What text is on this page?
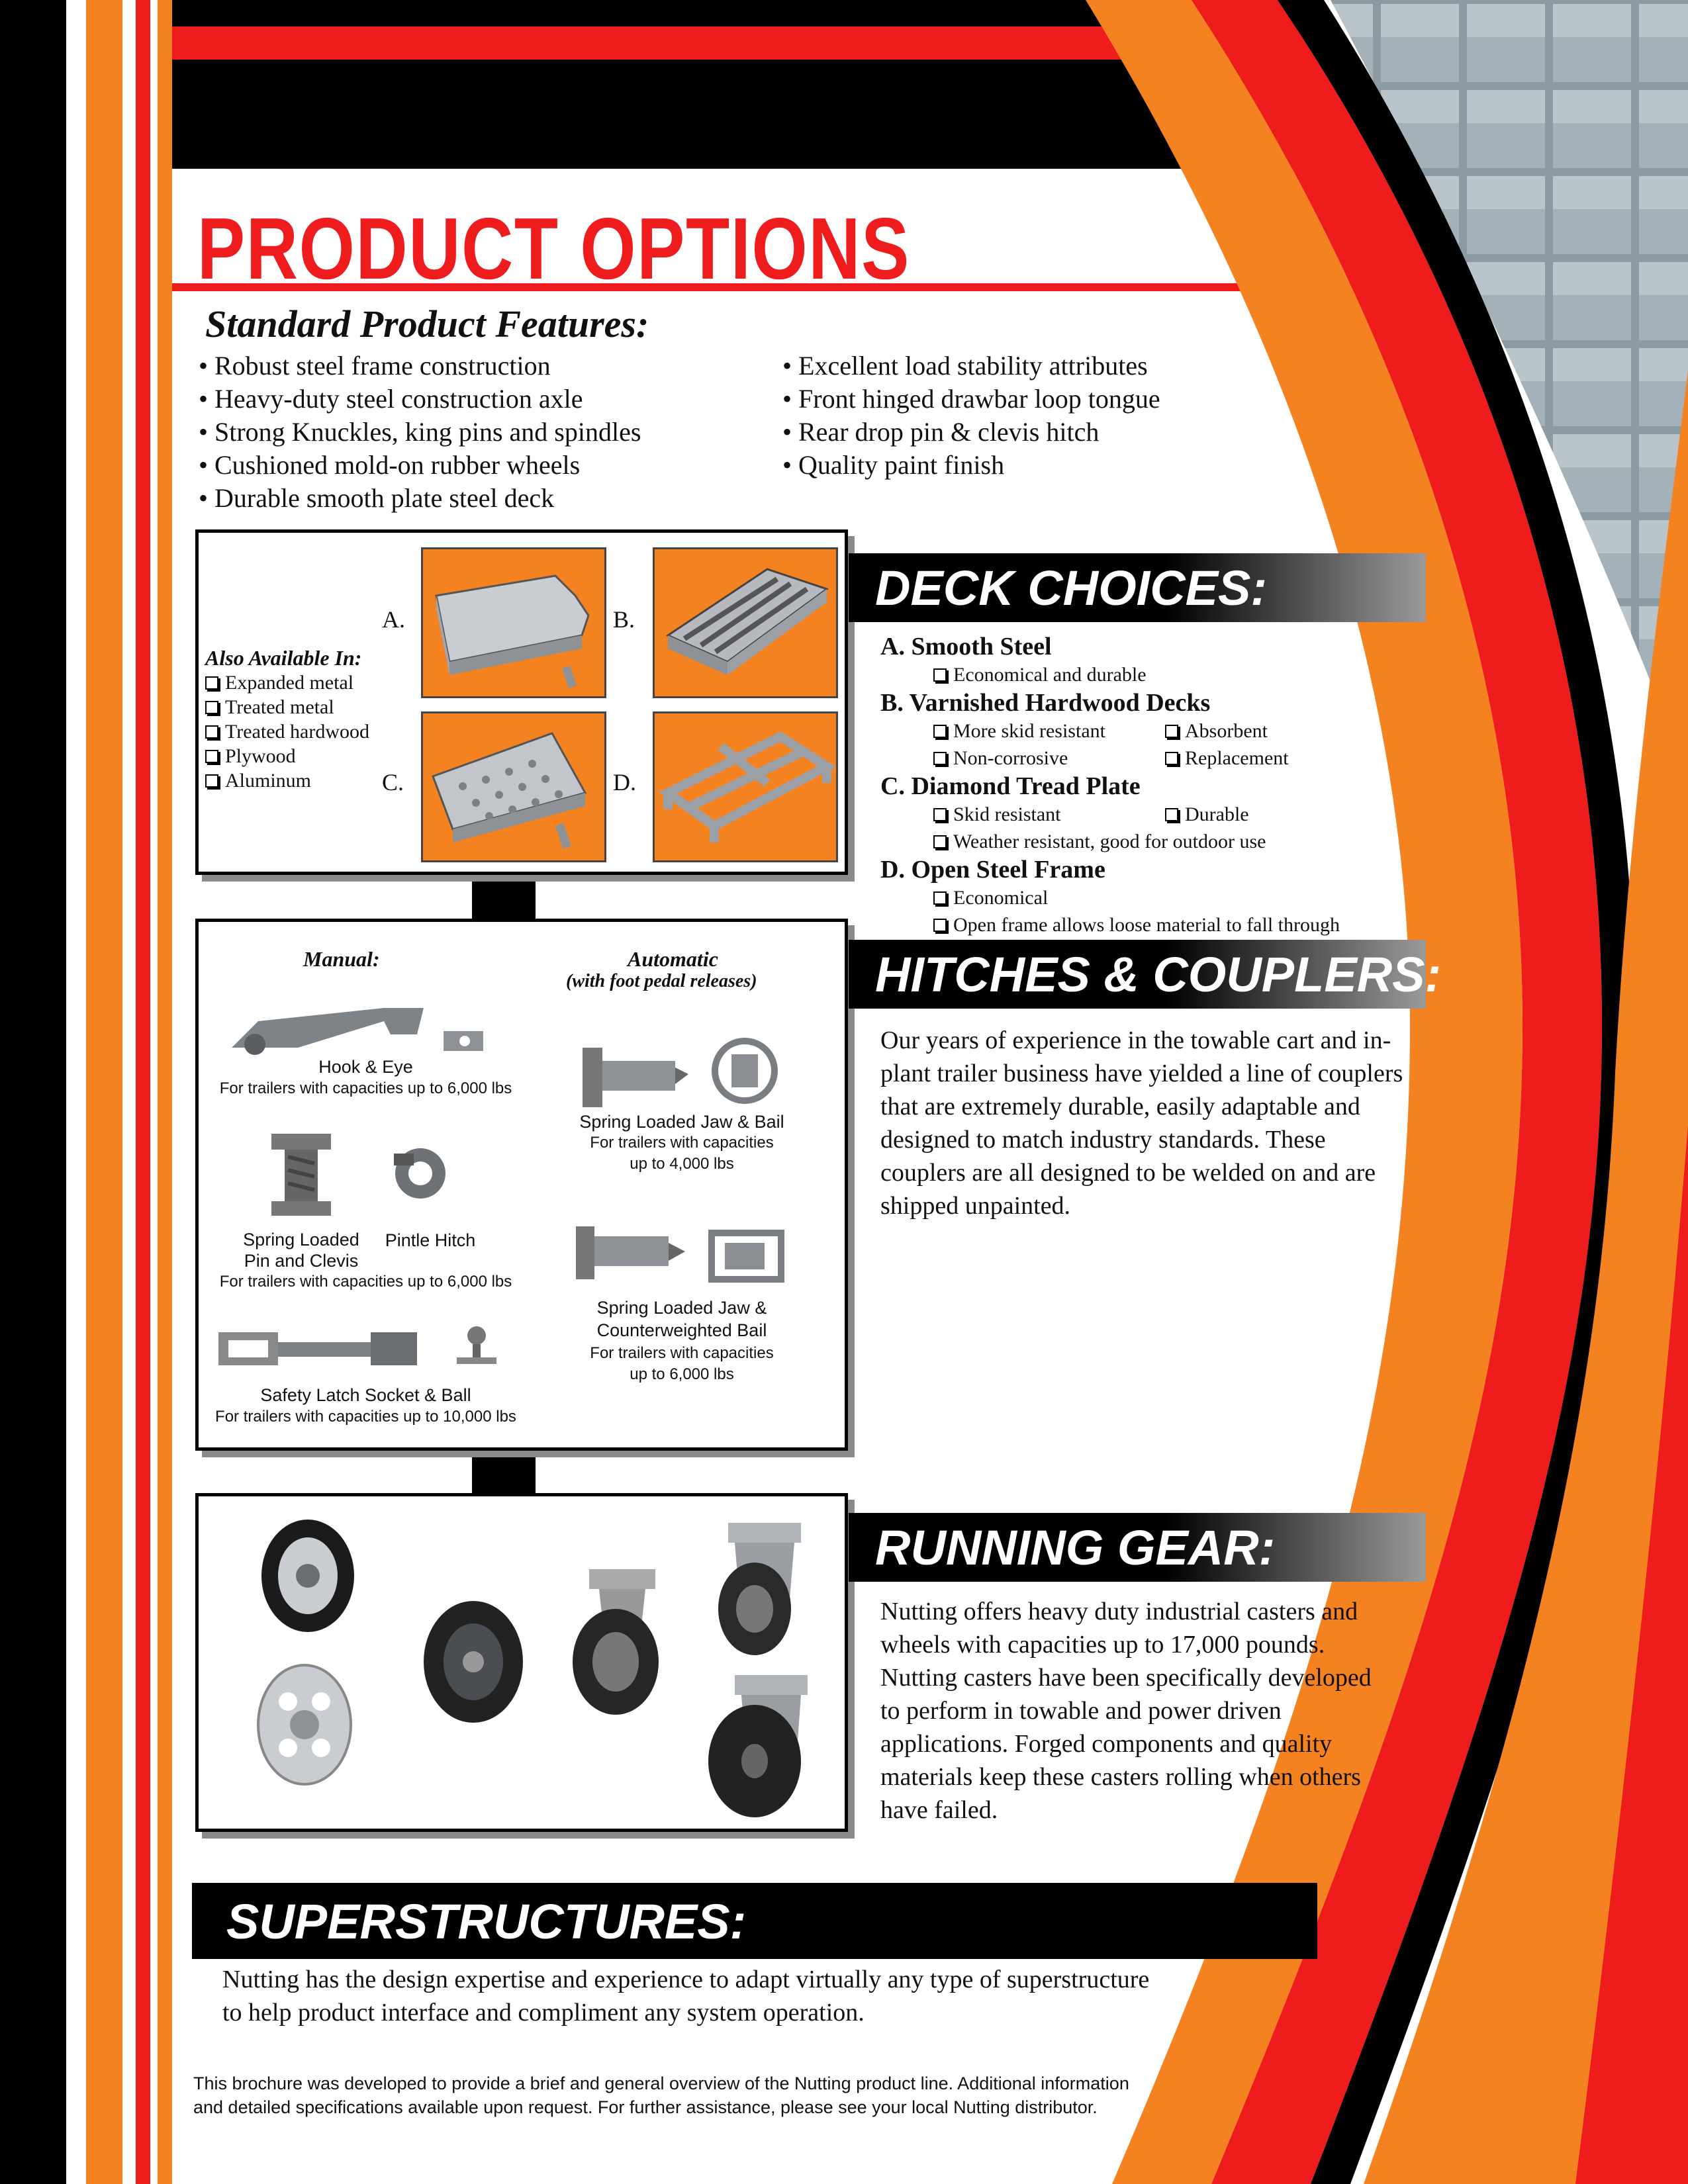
PRODUCT OPTIONS
Standard Product Features:
• Robust steel frame construction
• Heavy-duty steel construction axle
• Strong Knuckles, king pins and spindles
• Cushioned mold-on rubber wheels
• Durable smooth plate steel deck
• Excellent load stability attributes
• Front hinged drawbar loop tongue
• Rear drop pin & clevis hitch
• Quality paint finish
A.	B.
C.	D.
Also Available In:
Expanded metal
Treated metal
Treated hardwood
Plywood
Aluminum
DECK CHOICES:
A. Smooth Steel
Economical and durable
B. Varnished Hardwood Decks
More skid resistant	Absorbent
Non-corrosive	Replacement
C. Diamond Tread Plate
Skid resistant	Durable
Weather resistant, good for outdoor use
D. Open Steel Frame
Economical
Open frame allows loose material to fall through
Manual:	Automatic
(with foot pedal releases)
Hook & Eye
For trailers with capacities up to 6,000 lbs
Spring Loaded
Pin and Clevis
Pintle Hitch
For trailers with capacities up to 6,000 lbs
Safety Latch Socket & Ball
For trailers with capacities up to 10,000 lbs
Spring Loaded Jaw & Bail
For trailers with capacities
up to 4,000 lbs
Spring Loaded Jaw &
Counterweighted Bail
For trailers with capacities
up to 6,000 lbs
HITCHES & COUPLERS:
Our years of experience in the towable cart and in-plant trailer business have yielded a line of couplers that are extremely durable, easily adaptable and designed to match industry standards. These couplers are all designed to be welded on and are shipped unpainted.
RUNNING GEAR:
Nutting offers heavy duty industrial casters and wheels with capacities up to 17,000 pounds. Nutting casters have been specifically developed to perform in towable and power driven applications. Forged components and quality materials keep these casters rolling when others have failed.
SUPERSTRUCTURES:
Nutting has the design expertise and experience to adapt virtually any type of superstructure to help product interface and compliment any system operation.
This brochure was developed to provide a brief and general overview of the Nutting product line. Additional information and detailed specifications available upon request. For further assistance, please see your local Nutting distributor.
